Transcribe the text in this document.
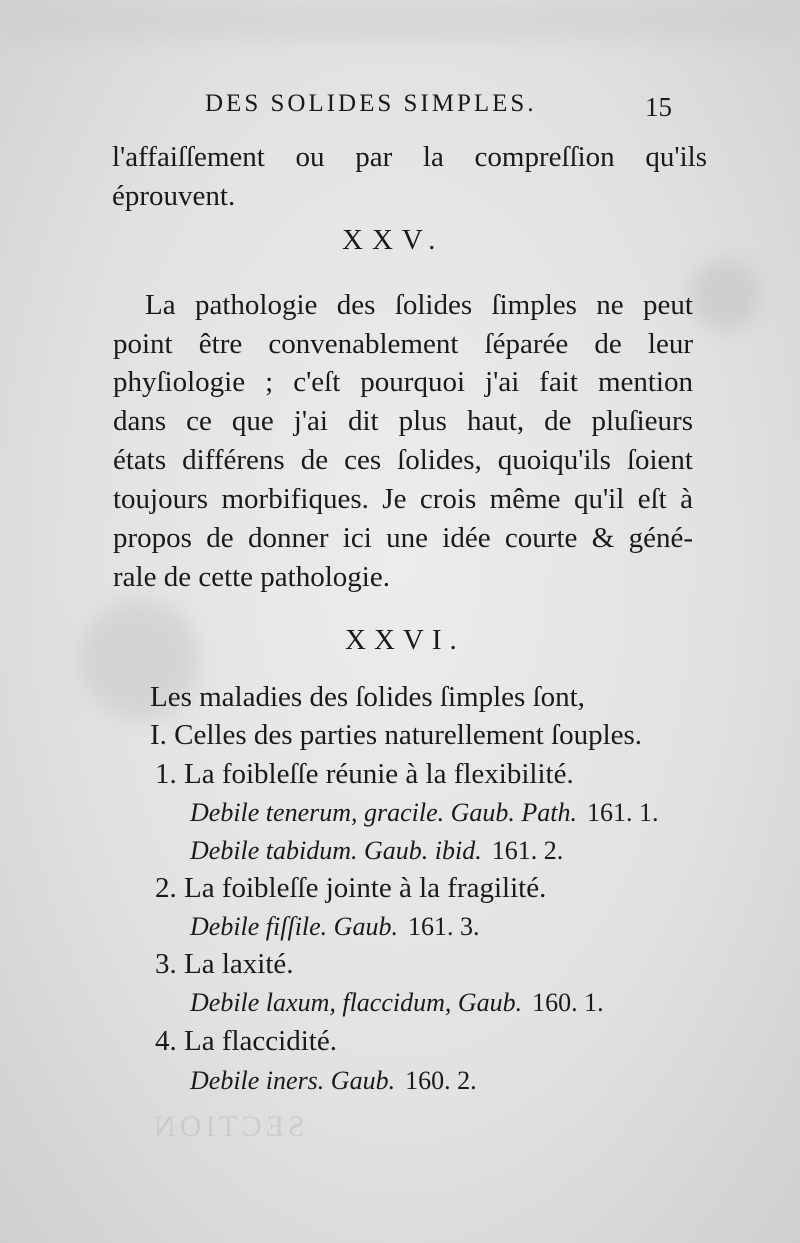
DES SOLIDES SIMPLES.	15
l'affaiſſement ou par la compreſſion qu'ils
éprouvent.
XXV.
La pathologie des ſolides ſimples ne peut
point être convenablement ſéparée de leur
phyſiologie ; c'eſt pourquoi j'ai fait mention
dans ce que j'ai dit plus haut, de pluſieurs
états différens de ces ſolides, quoiqu'ils ſoient
toujours morbifiques. Je crois même qu'il eſt à
propos de donner ici une idée courte & géné-
rale de cette pathologie.
XXVI.
Les maladies des ſolides ſimples ſont,
I. Celles des parties naturellement ſouples.
1. La foibleſſe réunie à la flexibilité.
Debile tenerum, gracile. Gaub. Path. 161. 1.
Debile tabidum. Gaub. ibid. 161. 2.
2. La foibleſſe jointe à la fragilité.
Debile fiſſile. Gaub. 161. 3.
3. La laxité.
Debile laxum, flaccidum, Gaub. 160. 1.
4. La flaccidité.
Debile iners. Gaub. 160. 2.
SECTION
